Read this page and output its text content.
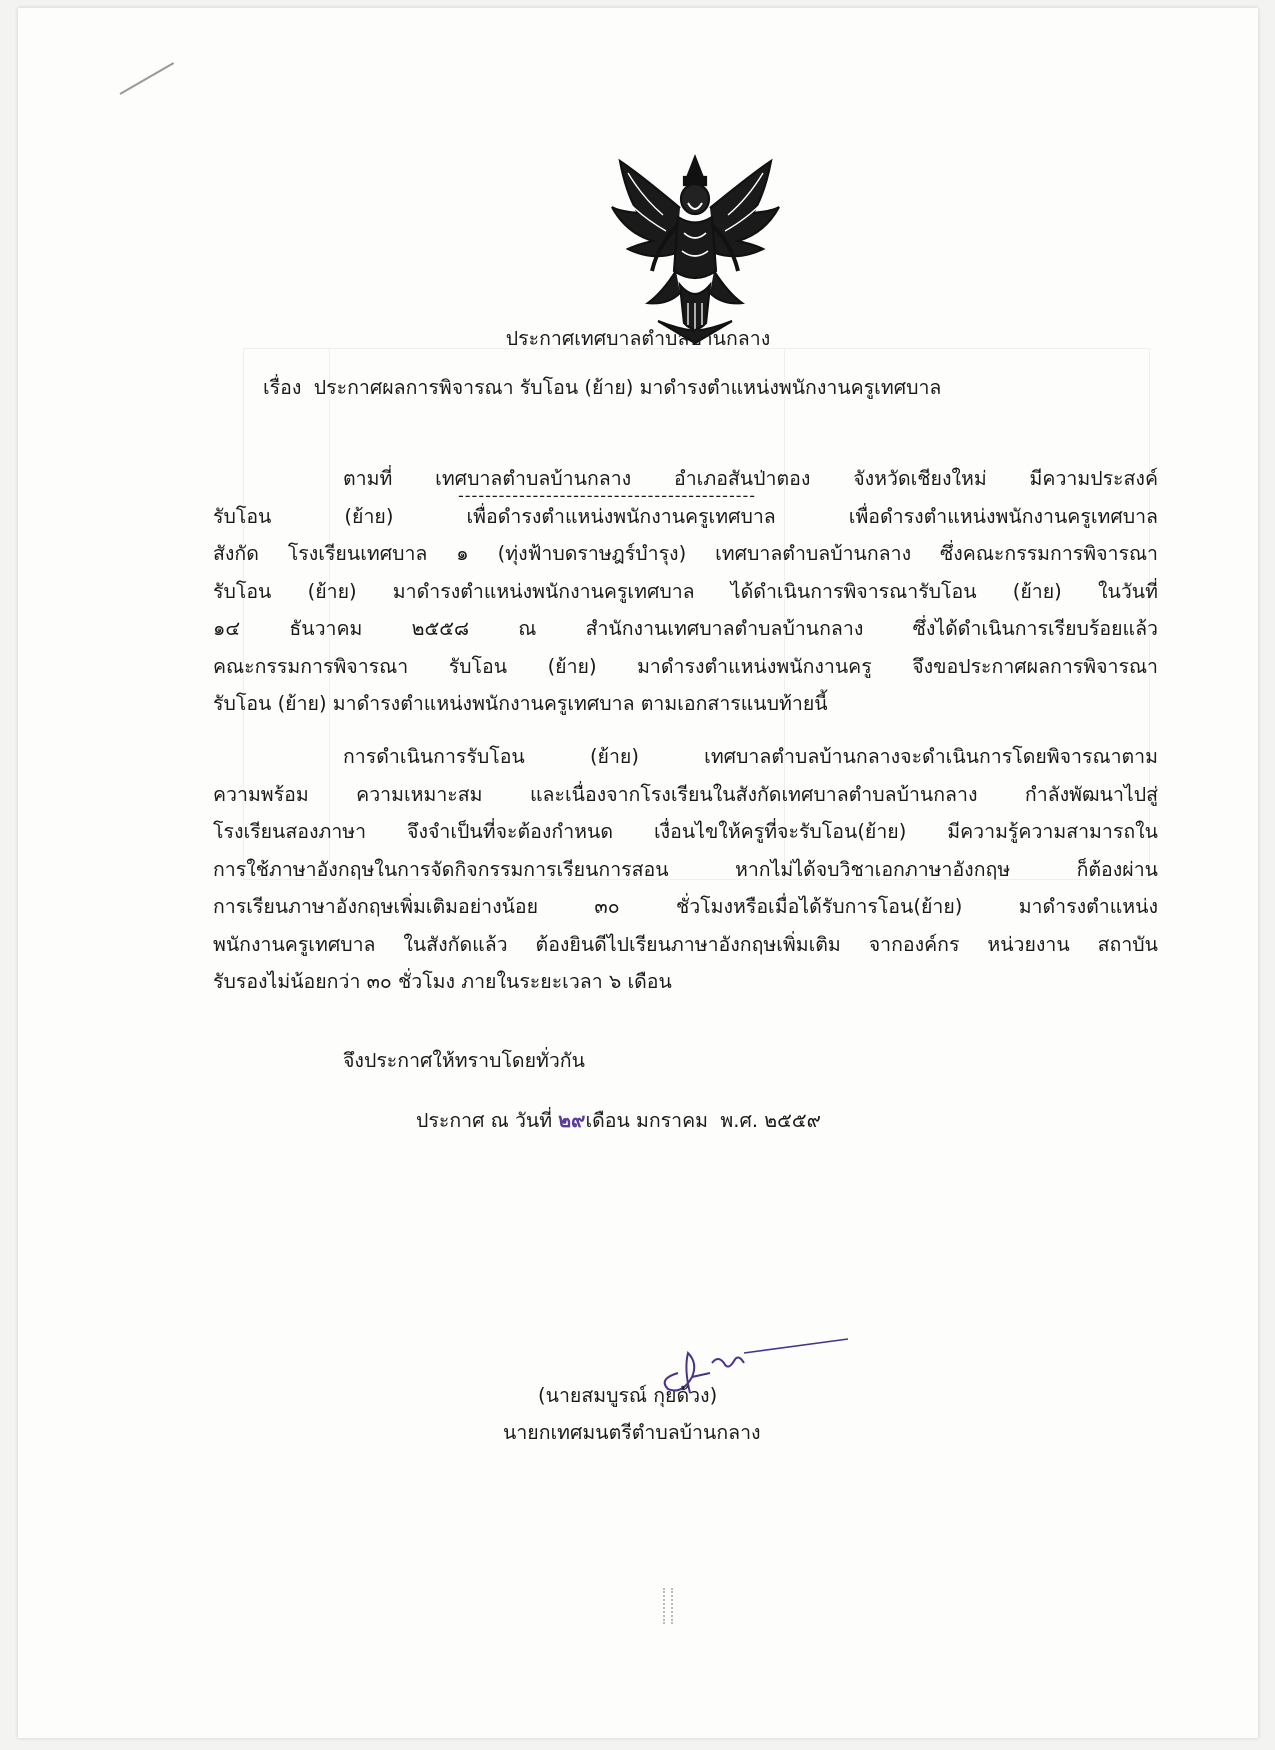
ประกาศเทศบาลตำบลบ้านกลาง
เรื่อง ประกาศผลการพิจารณา รับโอน (ย้าย) มาดำรงตำแหน่งพนักงานครูเทศบาล
--------------------------------------------
ตามที่ เทศบาลตำบลบ้านกลาง อำเภอสันป่าตอง จังหวัดเชียงใหม่ มีความประสงค์
รับโอน (ย้าย) เพื่อดำรงตำแหน่งพนักงานครูเทศบาล เพื่อดำรงตำแหน่งพนักงานครูเทศบาล
สังกัด โรงเรียนเทศบาล ๑ (ทุ่งฟ้าบดราษฎร์บำรุง) เทศบาลตำบลบ้านกลาง ซึ่งคณะกรรมการพิจารณา
รับโอน (ย้าย) มาดำรงตำแหน่งพนักงานครูเทศบาล ได้ดำเนินการพิจารณารับโอน (ย้าย) ในวันที่
๑๔ ธันวาคม ๒๕๕๘ ณ สำนักงานเทศบาลตำบลบ้านกลาง ซึ่งได้ดำเนินการเรียบร้อยแล้ว
คณะกรรมการพิจารณา รับโอน (ย้าย) มาดำรงตำแหน่งพนักงานครู จึงขอประกาศผลการพิจารณา
รับโอน (ย้าย) มาดำรงตำแหน่งพนักงานครูเทศบาล ตามเอกสารแนบท้ายนี้
การดำเนินการรับโอน (ย้าย) เทศบาลตำบลบ้านกลางจะดำเนินการโดยพิจารณาตาม
ความพร้อม ความเหมาะสม และเนื่องจากโรงเรียนในสังกัดเทศบาลตำบลบ้านกลาง กำลังพัฒนาไปสู่
โรงเรียนสองภาษา จึงจำเป็นที่จะต้องกำหนด เงื่อนไขให้ครูที่จะรับโอน(ย้าย) มีความรู้ความสามารถใน
การใช้ภาษาอังกฤษในการจัดกิจกรรมการเรียนการสอน หากไม่ได้จบวิชาเอกภาษาอังกฤษ ก็ต้องผ่าน
การเรียนภาษาอังกฤษเพิ่มเติมอย่างน้อย ๓๐ ชั่วโมงหรือเมื่อได้รับการโอน(ย้าย) มาดำรงตำแหน่ง
พนักงานครูเทศบาล ในสังกัดแล้ว ต้องยินดีไปเรียนภาษาอังกฤษเพิ่มเติม จากองค์กร หน่วยงาน สถาบัน
รับรองไม่น้อยกว่า ๓๐ ชั่วโมง ภายในระยะเวลา ๖ เดือน
จึงประกาศให้ทราบโดยทั่วกัน
ประกาศ ณ วันที่ ๒๙เดือน มกราคม พ.ศ. ๒๕๕๙
(นายสมบูรณ์ กุยด้วง)
นายกเทศมนตรีตำบลบ้านกลาง
